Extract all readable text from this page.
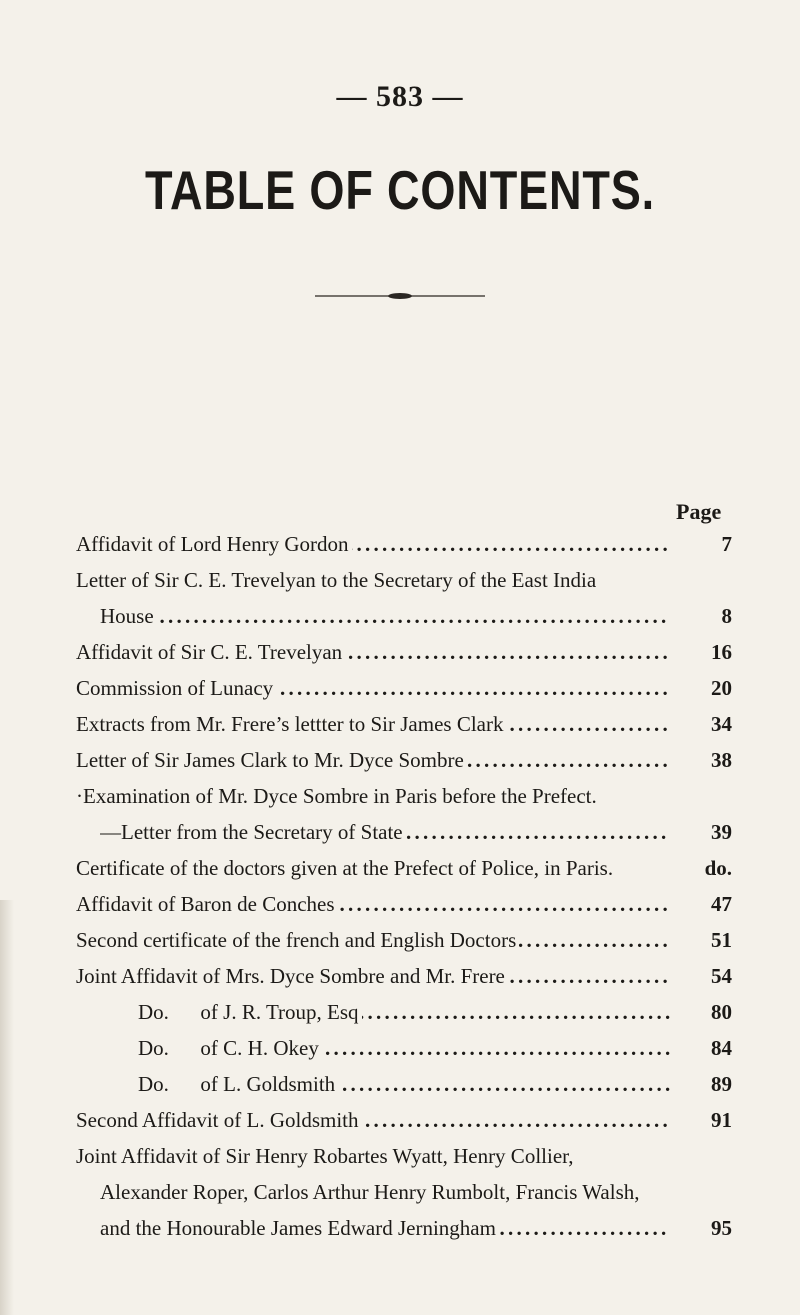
— 583 —
TABLE OF CONTENTS.
Page
Affidavit of Lord Henry Gordon . . .	7
Letter of Sir C. E. Trevelyan to the Secretary of the East India
House . . .	8
Affidavit of Sir C. E. Trevelyan . . .	16
Commission of Lunacy . . .	20
Extracts from Mr. Frere’s lettter to Sir James Clark . . .	34
Letter of Sir James Clark to Mr. Dyce Sombre . . .	38
·Examination of Mr. Dyce Sombre in Paris before the Prefect.
—Letter from the Secretary of State . . .	39
Certificate of the doctors given at the Prefect of Police, in Paris.	do.
Affidavit of Baron de Conches . . .	47
Second certificate of the french and English Doctors . . .	51
Joint Affidavit of Mrs. Dyce Sombre and Mr. Frere . . .	54
Do.      of J. R. Troup, Esq . . .	80
Do.      of C. H. Okey . . .	84
Do.      of L. Goldsmith . . .	89
Second Affidavit of L. Goldsmith . . .	91
Joint Affidavit of Sir Henry Robartes Wyatt, Henry Collier,
Alexander Roper, Carlos Arthur Henry Rumbolt, Francis Walsh,
and the Honourable James Edward Jerningham . . .	95
